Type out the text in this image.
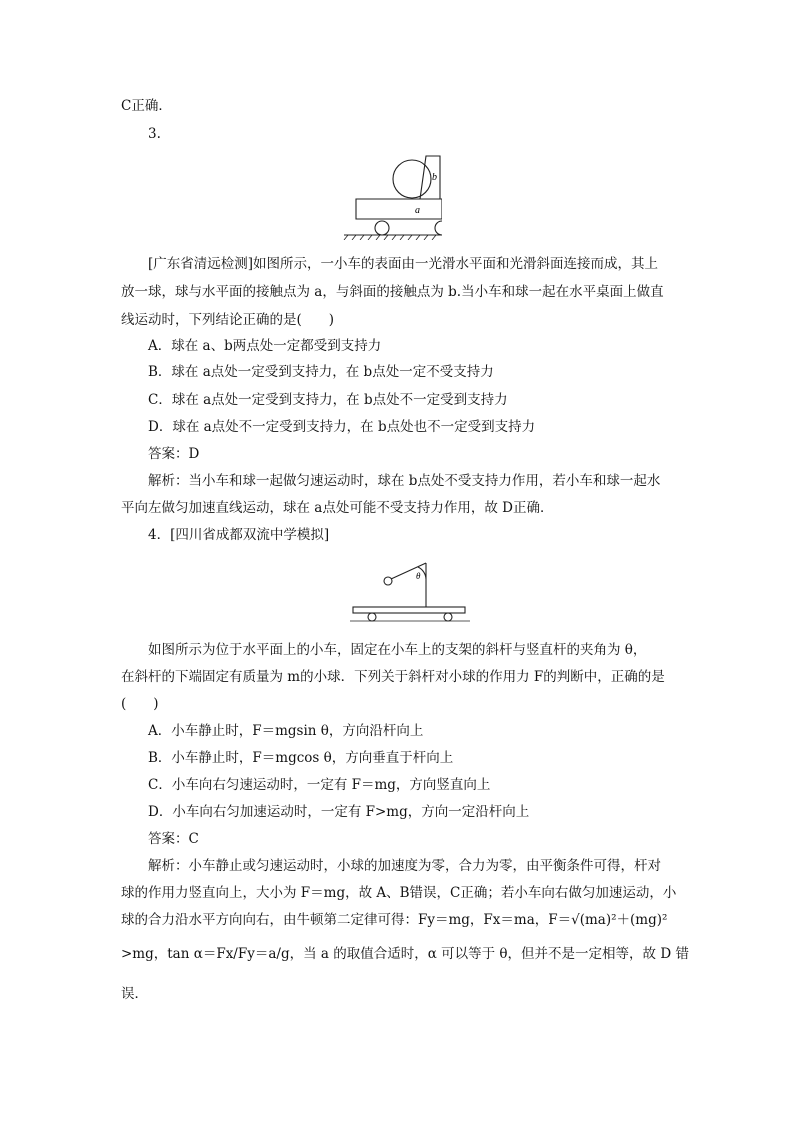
C正确．
3.
a
b
[广东省清远检测]如图所示，一小车的表面由一光滑水平面和光滑斜面连接而成，其上
放一球，球与水平面的接触点为 a，与斜面的接触点为 b.当小车和球一起在水平桌面上做直
线运动时，下列结论正确的是(　　)
A．球在 a、b两点处一定都受到支持力
B．球在 a点处一定受到支持力，在 b点处一定不受支持力
C．球在 a点处一定受到支持力，在 b点处不一定受到支持力
D．球在 a点处不一定受到支持力，在 b点处也不一定受到支持力
答案：D
解析：当小车和球一起做匀速运动时，球在 b点处不受支持力作用，若小车和球一起水
平向左做匀加速直线运动，球在 a点处可能不受支持力作用，故 D正确．
4．[四川省成都双流中学模拟]
θ
如图所示为位于水平面上的小车，固定在小车上的支架的斜杆与竖直杆的夹角为 θ，
在斜杆的下端固定有质量为 m的小球．下列关于斜杆对小球的作用力 F的判断中，正确的是
(　　)
A．小车静止时，F＝mgsin θ，方向沿杆向上
B．小车静止时，F＝mgcos θ，方向垂直于杆向上
C．小车向右匀速运动时，一定有 F＝mg，方向竖直向上
D．小车向右匀加速运动时，一定有 F>mg，方向一定沿杆向上
答案：C
解析：小车静止或匀速运动时，小球的加速度为零，合力为零，由平衡条件可得，杆对
球的作用力竖直向上，大小为 F＝mg，故 A、B错误，C正确；若小车向右做匀加速运动，小
球的合力沿水平方向向右，由牛顿第二定律可得：Fy＝mg，Fx＝ma，F＝√(ma)²＋(mg)²
>mg，tan α＝Fx/Fy＝a/g，当 a 的取值合适时，α 可以等于 θ，但并不是一定相等，故 D 错
误．
